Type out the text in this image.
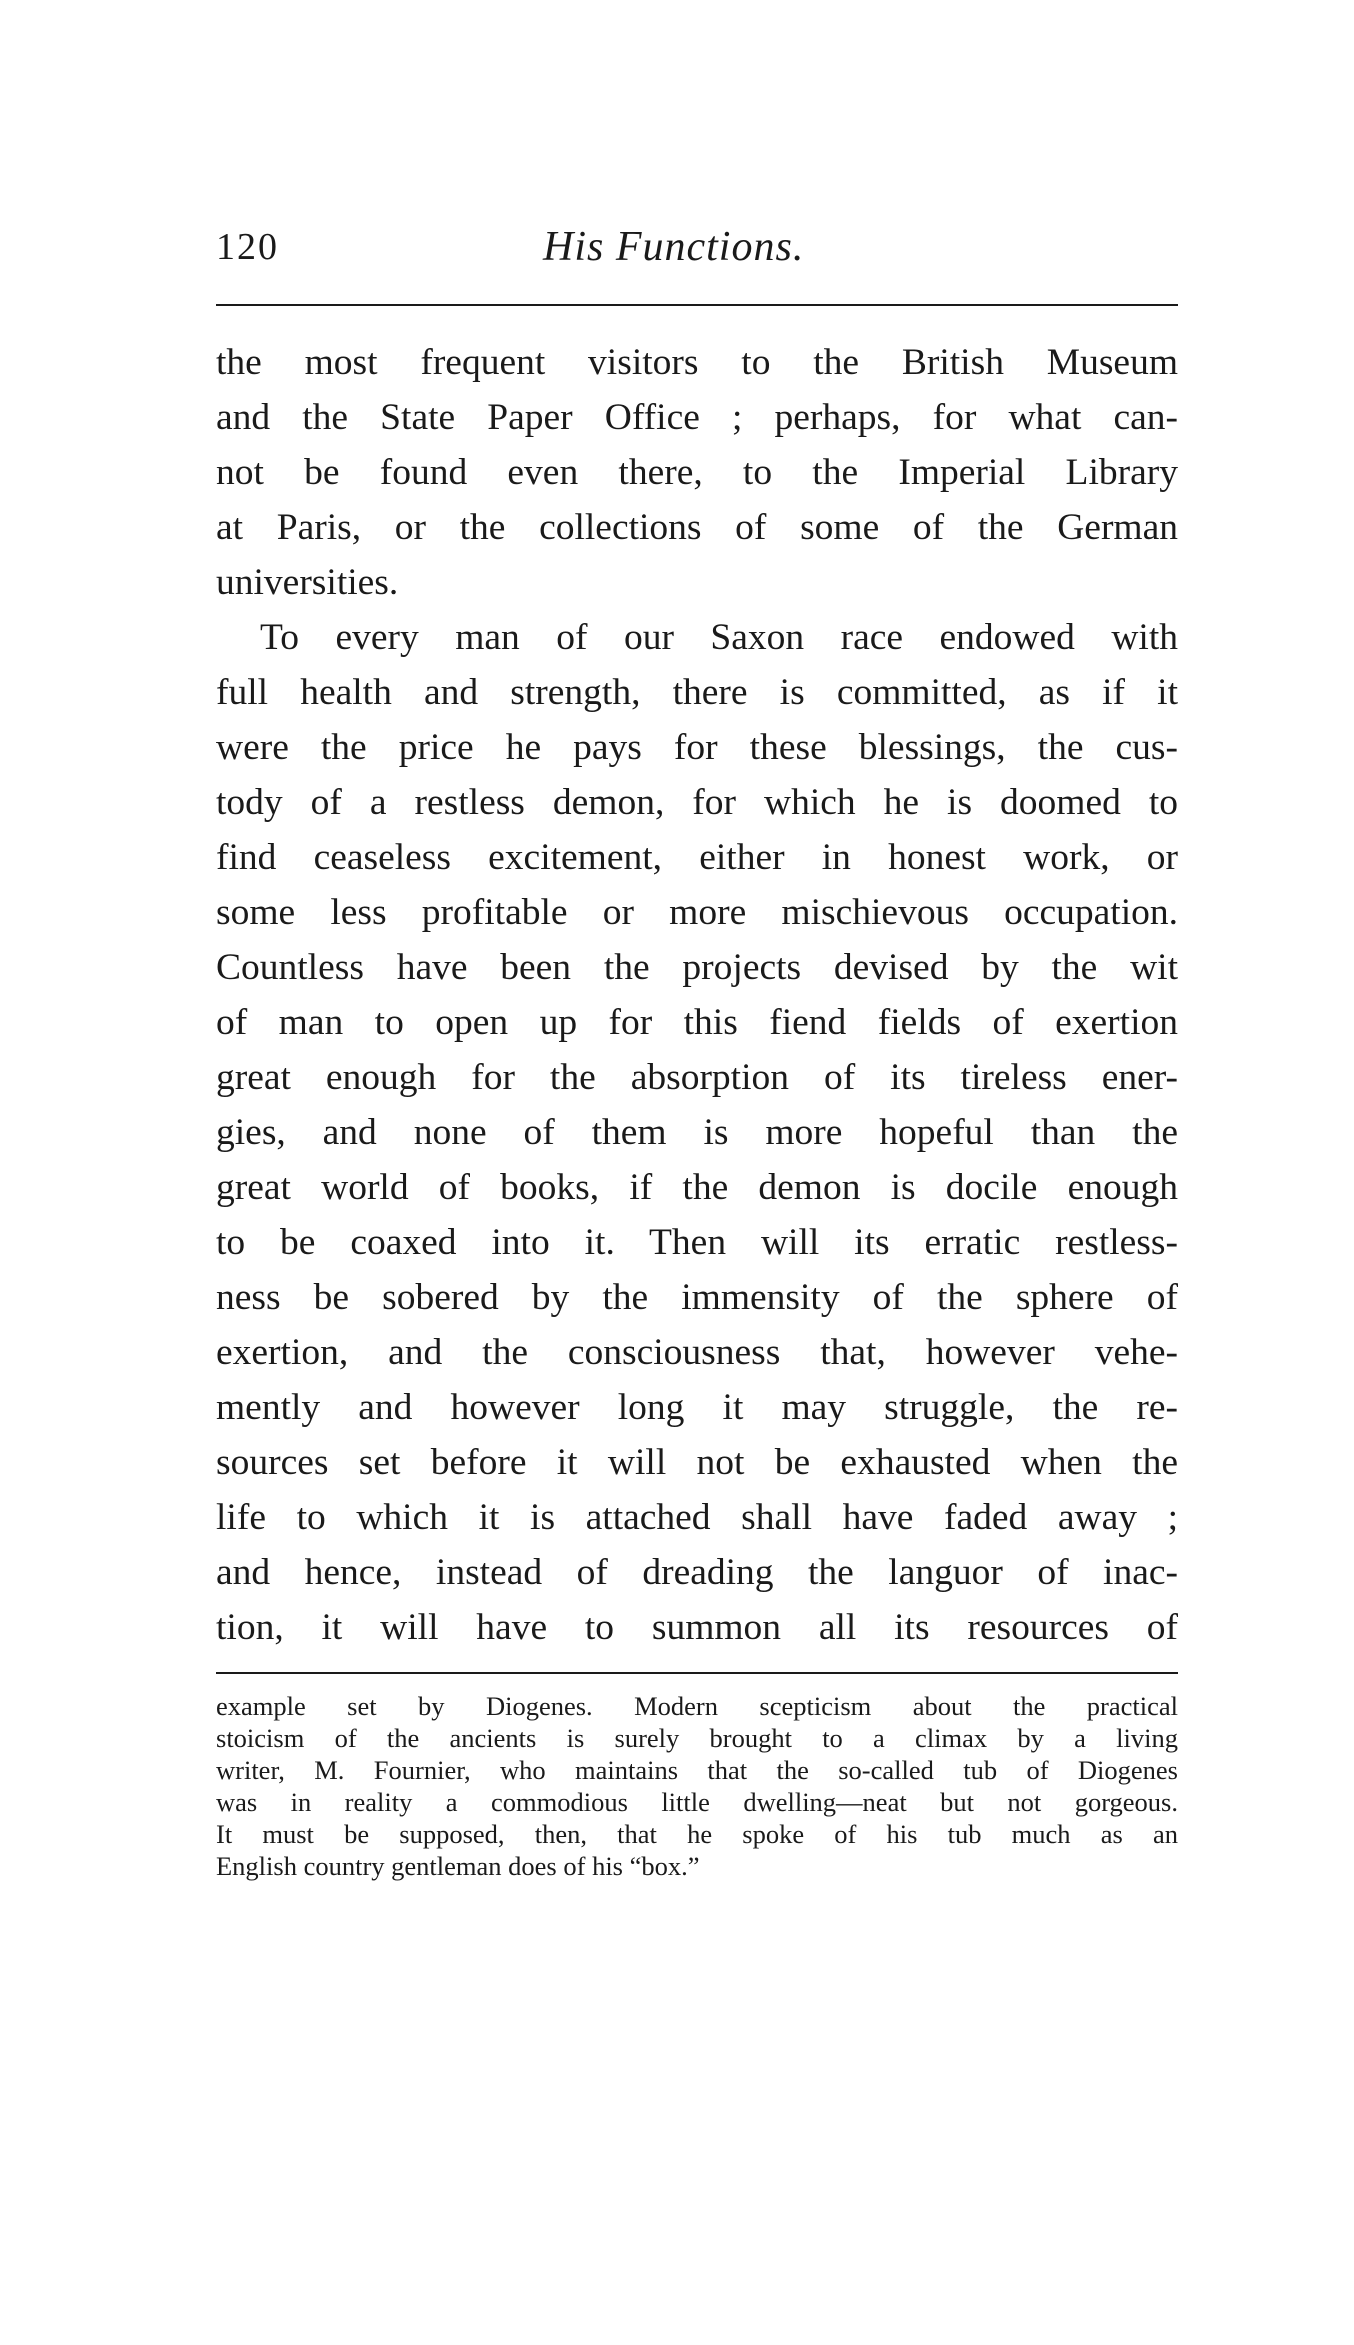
120	His Functions.
the most frequent visitors to the British Museum
and the State Paper Office ; perhaps, for what can-
not be found even there, to the Imperial Library
at Paris, or the collections of some of the German
universities.
To every man of our Saxon race endowed with
full health and strength, there is committed, as if it
were the price he pays for these blessings, the cus-
tody of a restless demon, for which he is doomed to
find ceaseless excitement, either in honest work, or
some less profitable or more mischievous occupation.
Countless have been the projects devised by the wit
of man to open up for this fiend fields of exertion
great enough for the absorption of its tireless ener-
gies, and none of them is more hopeful than the
great world of books, if the demon is docile enough
to be coaxed into it. Then will its erratic restless-
ness be sobered by the immensity of the sphere of
exertion, and the consciousness that, however vehe-
mently and however long it may struggle, the re-
sources set before it will not be exhausted when the
life to which it is attached shall have faded away ;
and hence, instead of dreading the languor of inac-
tion, it will have to summon all its resources of
example set by Diogenes. Modern scepticism about the practical
stoicism of the ancients is surely brought to a climax by a living
writer, M. Fournier, who maintains that the so-called tub of Diogenes
was in reality a commodious little dwelling—neat but not gorgeous.
It must be supposed, then, that he spoke of his tub much as an
English country gentleman does of his “box.”
